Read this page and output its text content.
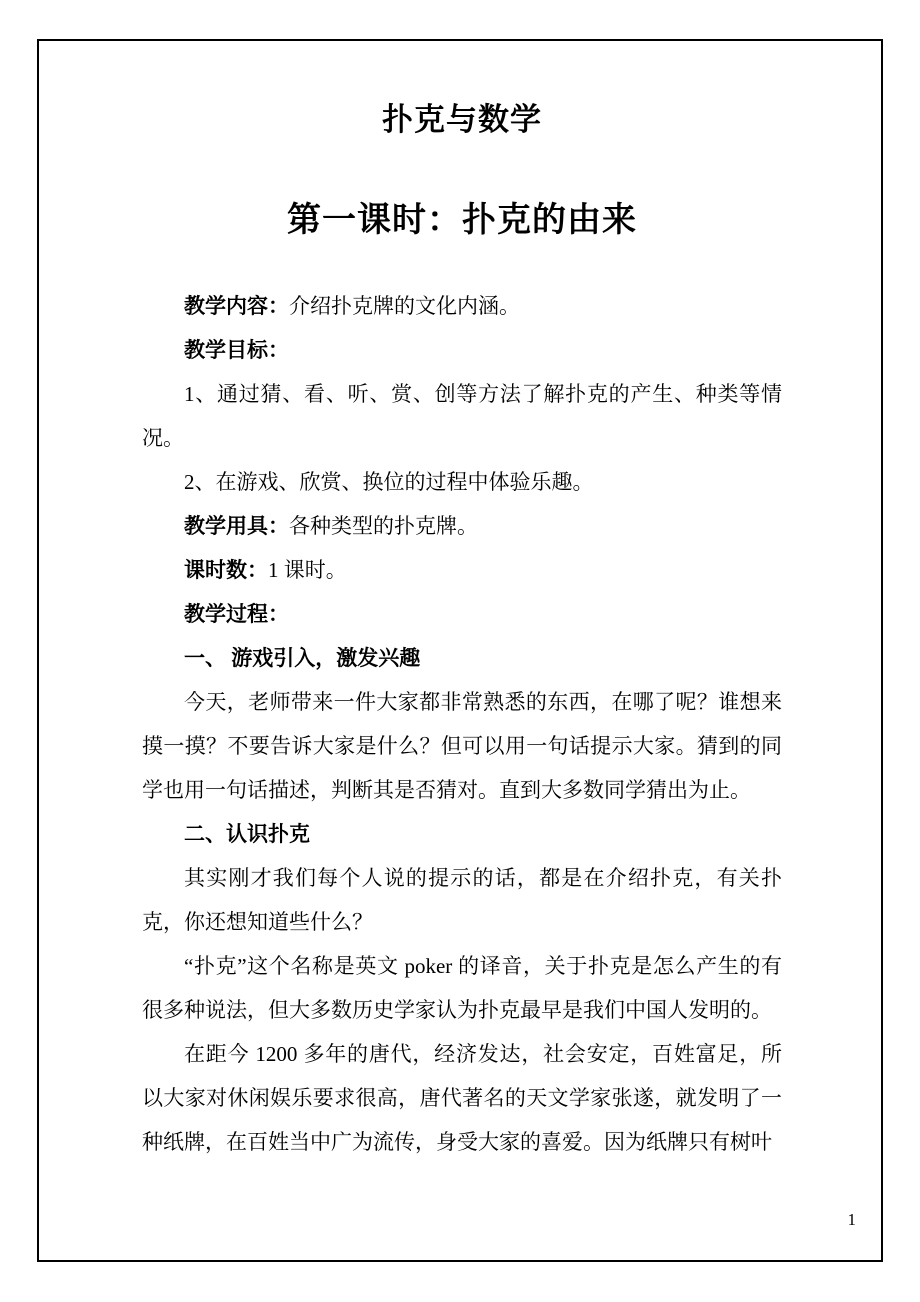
扑克与数学
第一课时：扑克的由来

教学内容：介绍扑克牌的文化内涵。

教学目标：

1、通过猜、看、听、赏、创等方法了解扑克的产生、种类等情况。

2、在游戏、欣赏、换位的过程中体验乐趣。

教学用具：各种类型的扑克牌。

课时数：1 课时。

教学过程：

一、 游戏引入，激发兴趣

今天，老师带来一件大家都非常熟悉的东西，在哪了呢？谁想来摸一摸？不要告诉大家是什么？但可以用一句话提示大家。猜到的同学也用一句话描述，判断其是否猜对。直到大多数同学猜出为止。

二、认识扑克

其实刚才我们每个人说的提示的话，都是在介绍扑克，有关扑克，你还想知道些什么？

“扑克”这个名称是英文 poker 的译音，关于扑克是怎么产生的有很多种说法，但大多数历史学家认为扑克最早是我们中国人发明的。

在距今 1200 多年的唐代，经济发达，社会安定，百姓富足，所以大家对休闲娱乐要求很高，唐代著名的天文学家张遂，就发明了一种纸牌，在百姓当中广为流传，身受大家的喜爱。因为纸牌只有树叶

1
